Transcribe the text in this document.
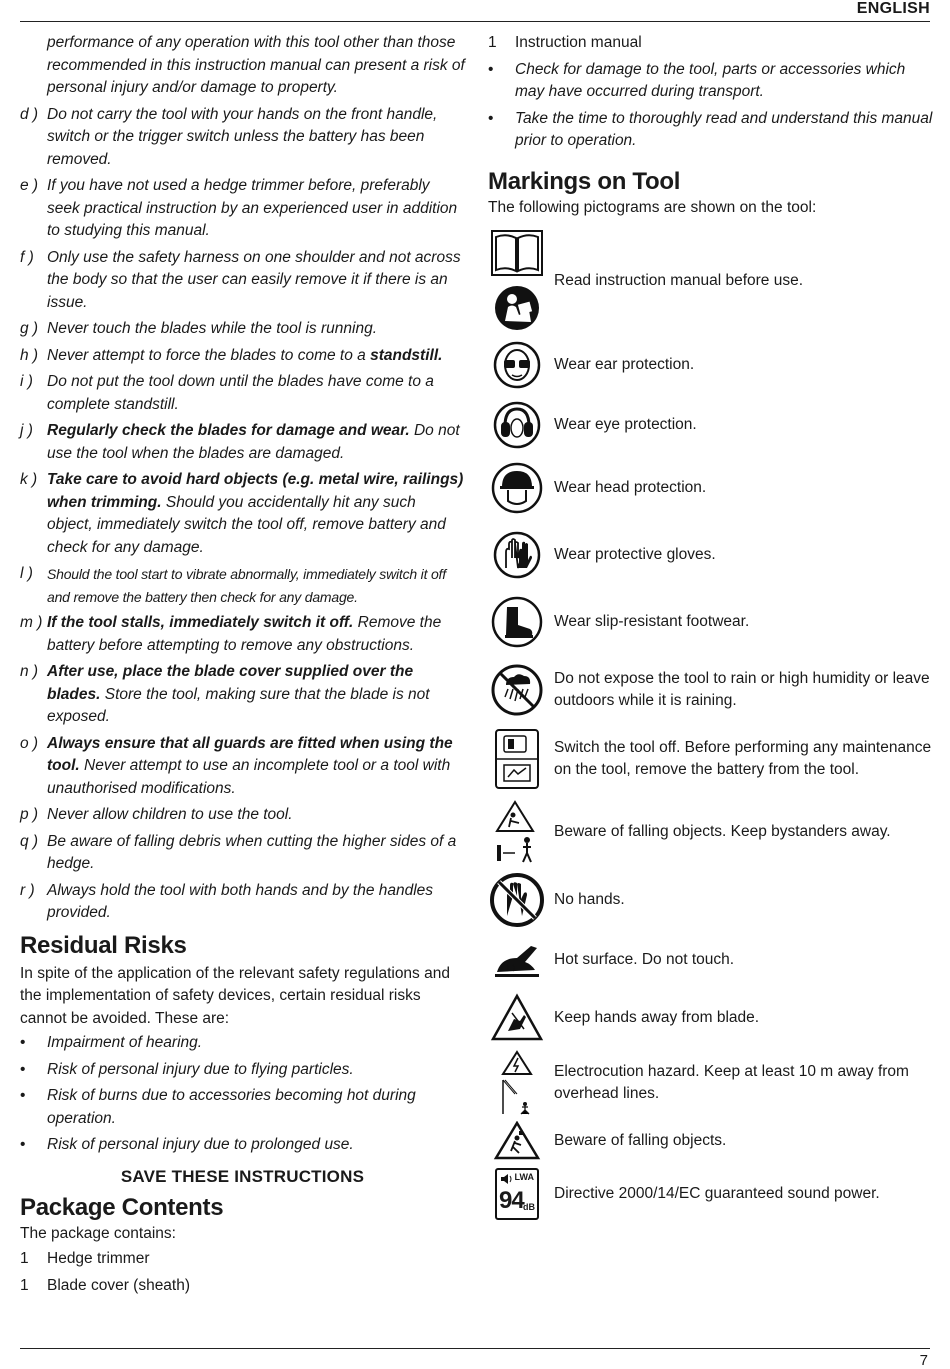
ENGLISH
performance of any operation with this tool other than those recommended in this instruction manual can present a risk of personal injury and/or damage to property.
d ) Do not carry the tool with your hands on the front handle, switch or the trigger switch unless the battery has been removed.
e ) If you have not used a hedge trimmer before, preferably seek practical instruction by an experienced user in addition to studying this manual.
f ) Only use the safety harness on one shoulder and not across the body so that the user can easily remove it if there is an issue.
g ) Never touch the blades while the tool is running.
h ) Never attempt to force the blades to come to a standstill.
i ) Do not put the tool down until the blades have come to a complete standstill.
j ) Regularly check the blades for damage and wear. Do not use the tool when the blades are damaged.
k ) Take care to avoid hard objects (e.g. metal wire, railings) when trimming. Should you accidentally hit any such object, immediately switch the tool off, remove battery and check for any damage.
l )	Should the tool start to vibrate abnormally, immediately switch it off and remove the battery then check for any damage.
m ) If the tool stalls, immediately switch it off. Remove the battery before attempting to remove any obstructions.
n ) After use, place the blade cover supplied over the blades. Store the tool, making sure that the blade is not exposed.
o ) Always ensure that all guards are fitted when using the tool. Never attempt to use an incomplete tool or a tool with unauthorised modifications.
p ) Never allow children to use the tool.
q ) Be aware of falling debris when cutting the higher sides of a hedge.
r ) Always hold the tool with both hands and by the handles provided.
Residual Risks

In spite of the application of the relevant safety regulations and the implementation of safety devices, certain residual risks cannot be avoided. These are:

•	Impairment of hearing.
•	Risk of personal injury due to flying particles.
•	Risk of burns due to accessories becoming hot during operation.
•	Risk of personal injury due to prolonged use.
SAVE THESE INSTRUCTIONS
Package Contents

The package contains:

1	Hedge trimmer
1	Blade cover (sheath)
1	Instruction manual
•	Check for damage to the tool, parts or accessories which may have occurred during transport.
•	Take the time to thoroughly read and understand this manual prior to operation.
Markings on Tool

The following pictograms are shown on the tool:

Read instruction manual before use.
Wear ear protection.
Wear eye protection.
Wear head protection.
Wear protective gloves.
Wear slip-resistant footwear.
Do not expose the tool to rain or high humidity or leave outdoors while it is raining.
Switch the tool off. Before performing any maintenance on the tool, remove the battery from the tool.
Beware of falling objects. Keep bystanders away.
No hands.
Hot surface. Do not touch.
Keep hands away from blade.
Electrocution hazard. Keep at least 10 m away from overhead lines.
Beware of falling objects.
LWA
94 dB
Directive 2000/14/EC guaranteed sound power.
7
